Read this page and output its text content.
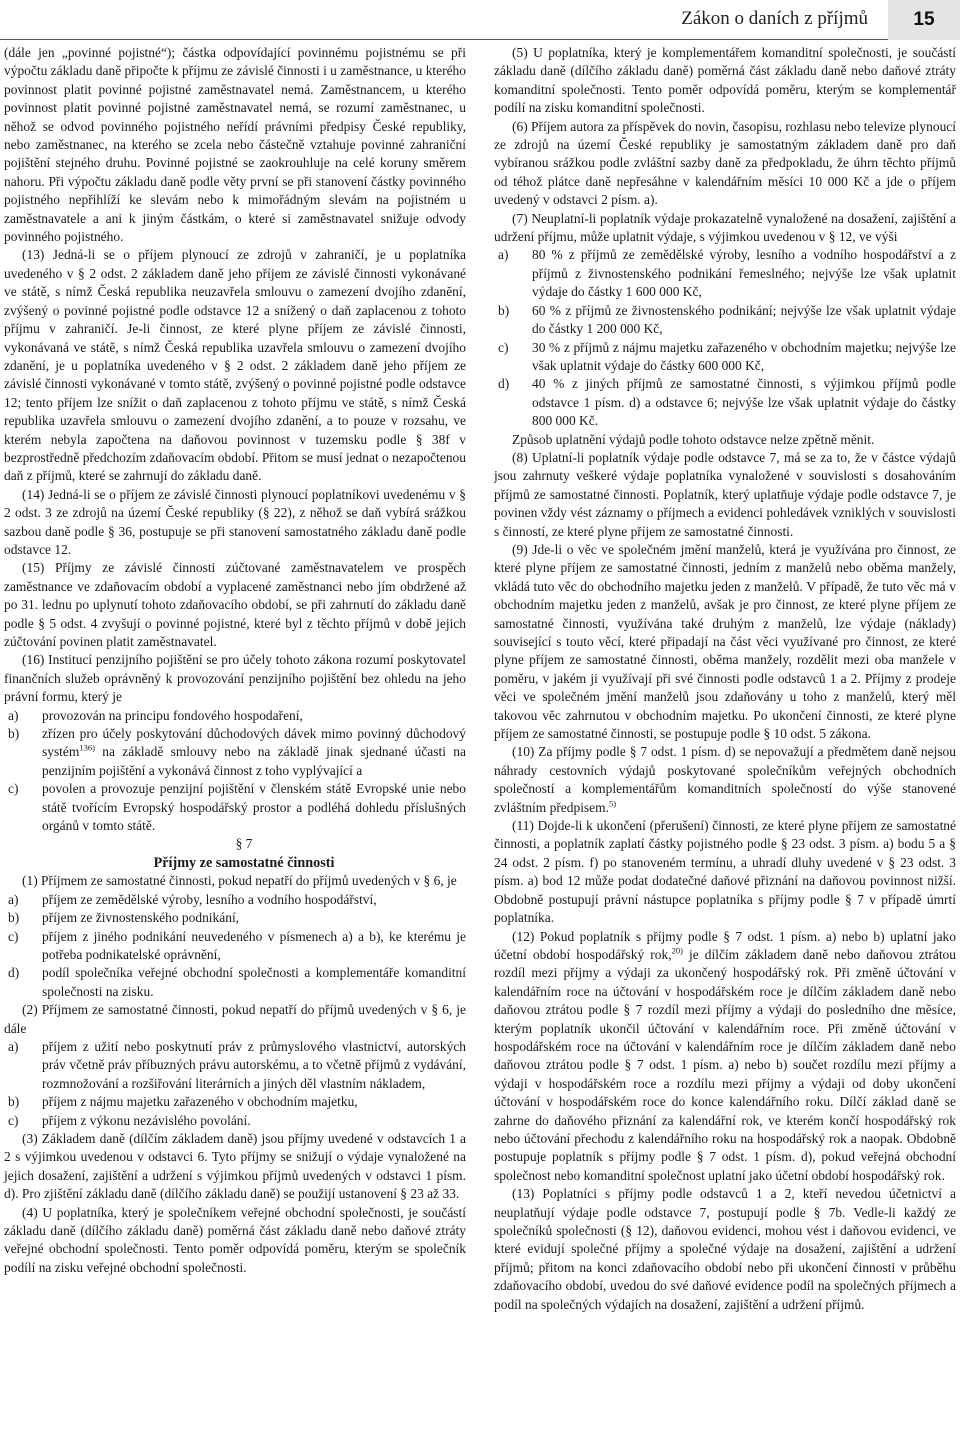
Zákon o daních z příjmů	15

(dále jen „povinné pojistné“); částka odpovídající povinnému pojistnému se při výpočtu základu daně připočte k příjmu ze závislé činnosti i u zaměstnance, u kterého povinnost platit povinné pojistné zaměstnavatel nemá. Zaměstnancem, u kterého povinnost platit povinné pojistné zaměstnavatel nemá, se rozumí zaměstnanec, u něhož se odvod povinného pojistného neřídí právními předpisy České republiky, nebo zaměstnanec, na kterého se zcela nebo částečně vztahuje povinné zahraniční pojištění stejného druhu. Povinné pojistné se zaokrouhluje na celé koruny směrem nahoru. Při výpočtu základu daně podle věty první se při stanovení částky povinného pojistného nepřihlíží ke slevám nebo k mimořádným slevám na pojistném u zaměstnavatele a ani k jiným částkám, o které si zaměstnavatel snižuje odvody povinného pojistného.

(13) Jedná-li se o příjem plynoucí ze zdrojů v zahraničí, je u poplatníka uvedeného v § 2 odst. 2 základem daně jeho příjem ze závislé činnosti vykonávané ve státě, s nímž Česká republika neuzavřela smlouvu o zamezení dvojího zdanění, zvýšený o povinné pojistné podle odstavce 12 a snížený o daň zaplacenou z tohoto příjmu v zahraničí. Je-li činnost, ze které plyne příjem ze závislé činnosti, vykonávaná ve státě, s nímž Česká republika uzavřela smlouvu o zamezení dvojího zdanění, je u poplatníka uvedeného v § 2 odst. 2 základem daně jeho příjem ze závislé činnosti vykonávané v tomto státě, zvýšený o povinné pojistné podle odstavce 12; tento příjem lze snížit o daň zaplacenou z tohoto příjmu ve státě, s nímž Česká republika uzavřela smlouvu o zamezení dvojího zdanění, a to pouze v rozsahu, ve kterém nebyla započtena na daňovou povinnost v tuzemsku podle § 38f v bezprostředně předchozím zdaňovacím období. Přitom se musí jednat o nezapočtenou daň z příjmů, které se zahrnují do základu daně.

(14) Jedná-li se o příjem ze závislé činnosti plynoucí poplatníkovi uvedenému v § 2 odst. 3 ze zdrojů na území České republiky (§ 22), z něhož se daň vybírá srážkou sazbou daně podle § 36, postupuje se při stanovení samostatného základu daně podle odstavce 12.

(15) Příjmy ze závislé činnosti zúčtované zaměstnavatelem ve prospěch zaměstnance ve zdaňovacím období a vyplacené zaměstnanci nebo jím obdržené až po 31. lednu po uplynutí tohoto zdaňovacího období, se při zahrnutí do základu daně podle § 5 odst. 4 zvyšují o povinné pojistné, které byl z těchto příjmů v době jejich zúčtování povinen platit zaměstnavatel.

(16) Institucí penzijního pojištění se pro účely tohoto zákona rozumí poskytovatel finančních služeb oprávněný k provozování penzijního pojištění bez ohledu na jeho právní formu, který je

a) provozován na principu fondového hospodaření,
b) zřízen pro účely poskytování důchodových dávek mimo povinný důchodový systém$^{136)}$ na základě smlouvy nebo na základě jinak sjednané účasti na penzijním pojištění a vykonává činnost z toho vyplývající a
c) povolen a provozuje penzijní pojištění v členském státě Evropské unie nebo státě tvořícím Evropský hospodářský prostor a podléhá dohledu příslušných orgánů v tomto státě.

§ 7

Příjmy ze samostatné činnosti

(1) Příjmem ze samostatné činnosti, pokud nepatří do příjmů uvedených v § 6, je

a) příjem ze zemědělské výroby, lesního a vodního hospodářství,
b) příjem ze živnostenského podnikání,
c) příjem z jiného podnikání neuvedeného v písmenech a) a b), ke kterému je potřeba podnikatelské oprávnění,
d) podíl společníka veřejné obchodní společnosti a komplementáře komanditní společnosti na zisku.

(2) Příjmem ze samostatné činnosti, pokud nepatří do příjmů uvedených v § 6, je dále

a) příjem z užití nebo poskytnutí práv z průmyslového vlastnictví, autorských práv včetně práv příbuzných právu autorskému, a to včetně příjmů z vydávání, rozmnožování a rozšiřování literárních a jiných děl vlastním nákladem,
b) příjem z nájmu majetku zařazeného v obchodním majetku,
c) příjem z výkonu nezávislého povolání.

(3) Základem daně (dílčím základem daně) jsou příjmy uvedené v odstavcích 1 a 2 s výjimkou uvedenou v odstavci 6. Tyto příjmy se snižují o výdaje vynaložené na jejich dosažení, zajištění a udržení s výjimkou příjmů uvedených v odstavci 1 písm. d). Pro zjištění základu daně (dílčího základu daně) se použijí ustanovení § 23 až 33.

(4) U poplatníka, který je společníkem veřejné obchodní společnosti, je součástí základu daně (dílčího základu daně) poměrná část základu daně nebo daňové ztráty veřejné obchodní společnosti. Tento poměr odpovídá poměru, kterým se společník podílí na zisku veřejné obchodní společnosti.

(5) U poplatníka, který je komplementářem komanditní společnosti, je součástí základu daně (dílčího základu daně) poměrná část základu daně nebo daňové ztráty komanditní společnosti. Tento poměr odpovídá poměru, kterým se komplementář podílí na zisku komanditní společnosti.

(6) Příjem autora za příspěvek do novin, časopisu, rozhlasu nebo televize plynoucí ze zdrojů na území České republiky je samostatným základem daně pro daň vybíranou srážkou podle zvláštní sazby daně za předpokladu, že úhrn těchto příjmů od téhož plátce daně nepřesáhne v kalendářním měsíci 10 000 Kč a jde o příjem uvedený v odstavci 2 písm. a).

(7) Neuplatní-li poplatník výdaje prokazatelně vynaložené na dosažení, zajištění a udržení příjmu, může uplatnit výdaje, s výjimkou uvedenou v § 12, ve výši

a) 80 % z příjmů ze zemědělské výroby, lesního a vodního hospodářství a z příjmů z živnostenského podnikání řemeslného; nejvýše lze však uplatnit výdaje do částky 1 600 000 Kč,
b) 60 % z příjmů ze živnostenského podnikání; nejvýše lze však uplatnit výdaje do částky 1 200 000 Kč,
c) 30 % z příjmů z nájmu majetku zařazeného v obchodním majetku; nejvýše lze však uplatnit výdaje do částky 600 000 Kč,
d) 40 % z jiných příjmů ze samostatné činnosti, s výjimkou příjmů podle odstavce 1 písm. d) a odstavce 6; nejvýše lze však uplatnit výdaje do částky 800 000 Kč.

Způsob uplatnění výdajů podle tohoto odstavce nelze zpětně měnit.

(8) Uplatní-li poplatník výdaje podle odstavce 7, má se za to, že v částce výdajů jsou zahrnuty veškeré výdaje poplatníka vynaložené v souvislosti s dosahováním příjmů ze samostatné činnosti. Poplatník, který uplatňuje výdaje podle odstavce 7, je povinen vždy vést záznamy o příjmech a evidenci pohledávek vzniklých v souvislosti s činností, ze které plyne příjem ze samostatné činnosti.

(9) Jde-li o věc ve společném jmění manželů, která je využívána pro činnost, ze které plyne příjem ze samostatné činnosti, jedním z manželů nebo oběma manžely, vkládá tuto věc do obchodního majetku jeden z manželů. V případě, že tuto věc má v obchodním majetku jeden z manželů, avšak je pro činnost, ze které plyne příjem ze samostatné činnosti, využívána také druhým z manželů, lze výdaje (náklady) související s touto věcí, které připadají na část věci využívané pro činnost, ze které plyne příjem ze samostatné činnosti, oběma manžely, rozdělit mezi oba manžele v poměru, v jakém ji využívají při své činnosti podle odstavců 1 a 2. Příjmy z prodeje věci ve společném jmění manželů jsou zdaňovány u toho z manželů, který měl takovou věc zahrnutou v obchodním majetku. Po ukončení činnosti, ze které plyne příjem ze samostatné činnosti, se postupuje podle § 10 odst. 5 zákona.

(10) Za příjmy podle § 7 odst. 1 písm. d) se nepovažují a předmětem daně nejsou náhrady cestovních výdajů poskytované společníkům veřejných obchodních společností a komplementářům komanditních společností do výše stanovené zvláštním předpisem.$^{5)}$

(11) Dojde-li k ukončení (přerušení) činnosti, ze které plyne příjem ze samostatné činnosti, a poplatník zaplatí částky pojistného podle § 23 odst. 3 písm. a) bodu 5 a § 24 odst. 2 písm. f) po stanoveném termínu, a uhradí dluhy uvedené v § 23 odst. 3 písm. a) bod 12 může podat dodatečné daňové přiznání na daňovou povinnost nižší. Obdobně postupují právní nástupce poplatníka s příjmy podle § 7 v případě úmrtí poplatníka.

(12) Pokud poplatník s příjmy podle § 7 odst. 1 písm. a) nebo b) uplatní jako účetní období hospodářský rok,$^{20)}$ je dílčím základem daně nebo daňovou ztrátou rozdíl mezi příjmy a výdaji za ukončený hospodářský rok. Při změně účtování v kalendářním roce na účtování v hospodářském roce je dílčím základem daně nebo daňovou ztrátou podle § 7 rozdíl mezi příjmy a výdaji do posledního dne měsíce, kterým poplatník ukončil účtování v kalendářním roce. Při změně účtování v hospodářském roce na účtování v kalendářním roce je dílčím základem daně nebo daňovou ztrátou podle § 7 odst. 1 písm. a) nebo b) součet rozdílu mezi příjmy a výdaji v hospodářském roce a rozdílu mezi příjmy a výdaji od doby ukončení účtování v hospodářském roce do konce kalendářního roku. Dílčí základ daně se zahrne do daňového přiznání za kalendářní rok, ve kterém končí hospodářský rok nebo účtování přechodu z kalendářního roku na hospodářský rok a naopak. Obdobně postupuje poplatník s příjmy podle § 7 odst. 1 písm. d), pokud veřejná obchodní společnost nebo komanditní společnost uplatní jako účetní období hospodářský rok.

(13) Poplatníci s příjmy podle odstavců 1 a 2, kteří nevedou účetnictví a neuplatňují výdaje podle odstavce 7, postupují podle § 7b. Vedle-li každý ze společníků společnosti (§ 12), daňovou evidenci, mohou vést i daňovou evidenci, ve které evidují společné příjmy a společné výdaje na dosažení, zajištění a udržení příjmů; přitom na konci zdaňovacího období nebo při ukončení činnosti v průběhu zdaňovacího období, uvedou do své daňové evidence podíl na společných příjmech a podíl na společných výdajích na dosažení, zajištění a udržení příjmů.
